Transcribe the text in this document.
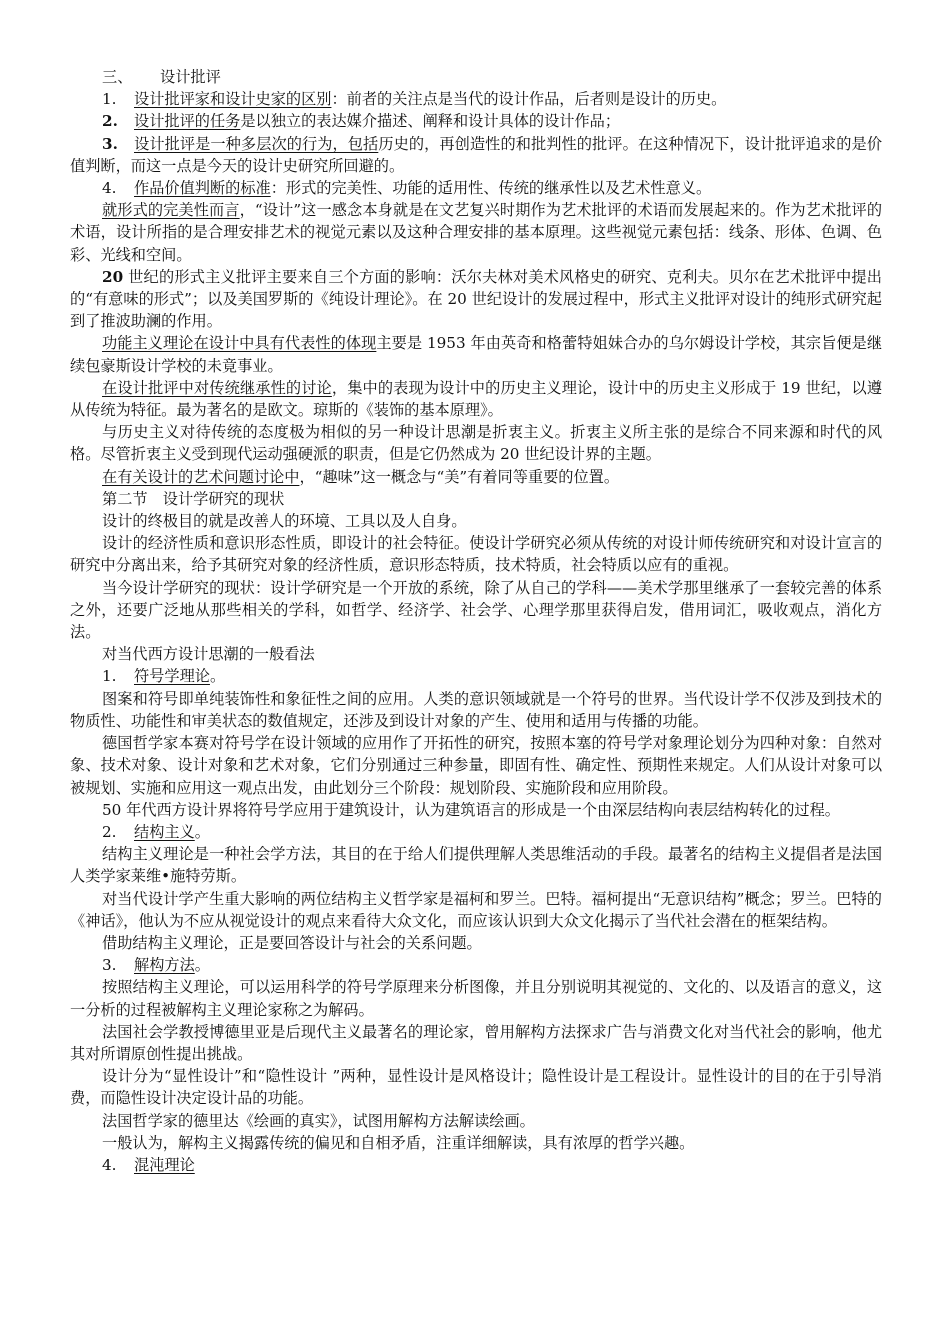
三、 设计批评

1. 设计批评家和设计史家的区别：前者的关注点是当代的设计作品，后者则是设计的历史。

2. 设计批评的任务是以独立的表达媒介描述、阐释和设计具体的设计作品；

3. 设计批评是一种多层次的行为，包括历史的，再创造性的和批判性的批评。在这种情况下，设计批评追求的是价值判断，而这一点是今天的设计史研究所回避的。

4. 作品价值判断的标准：形式的完美性、功能的适用性、传统的继承性以及艺术性意义。

就形式的完美性而言，“设计”这一感念本身就是在文艺复兴时期作为艺术批评的术语而发展起来的。作为艺术批评的术语，设计所指的是合理安排艺术的视觉元素以及这种合理安排的基本原理。这些视觉元素包括：线条、形体、色调、色彩、光线和空间。

20 世纪的形式主义批评主要来自三个方面的影响：沃尔夫林对美术风格史的研究、克利夫。贝尔在艺术批评中提出的“有意味的形式”；以及美国罗斯的《纯设计理论》。在 20 世纪设计的发展过程中，形式主义批评对设计的纯形式研究起到了推波助澜的作用。

功能主义理论在设计中具有代表性的体现主要是 1953 年由英奇和格蕾特姐妹合办的乌尔姆设计学校，其宗旨便是继续包豪斯设计学校的未竟事业。

在设计批评中对传统继承性的讨论，集中的表现为设计中的历史主义理论，设计中的历史主义形成于 19 世纪，以遵从传统为特征。最为著名的是欧文。琼斯的《装饰的基本原理》。

与历史主义对待传统的态度极为相似的另一种设计思潮是折衷主义。折衷主义所主张的是综合不同来源和时代的风格。尽管折衷主义受到现代运动强硬派的职责，但是它仍然成为 20 世纪设计界的主题。

在有关设计的艺术问题讨论中，“趣味”这一概念与“美”有着同等重要的位置。

第二节　设计学研究的现状

设计的终极目的就是改善人的环境、工具以及人自身。

设计的经济性质和意识形态性质，即设计的社会特征。使设计学研究必须从传统的对设计师传统研究和对设计宣言的研究中分离出来，给予其研究对象的经济性质，意识形态特质，技术特质，社会特质以应有的重视。

当今设计学研究的现状：设计学研究是一个开放的系统，除了从自己的学科——美术学那里继承了一套较完善的体系之外，还要广泛地从那些相关的学科，如哲学、经济学、社会学、心理学那里获得启发，借用词汇，吸收观点，消化方法。

对当代西方设计思潮的一般看法

1. 符号学理论。

图案和符号即单纯装饰性和象征性之间的应用。人类的意识领域就是一个符号的世界。当代设计学不仅涉及到技术的物质性、功能性和审美状态的数值规定，还涉及到设计对象的产生、使用和适用与传播的功能。

德国哲学家本赛对符号学在设计领域的应用作了开拓性的研究，按照本塞的符号学对象理论划分为四种对象：自然对象、技术对象、设计对象和艺术对象，它们分别通过三种参量，即固有性、确定性、预期性来规定。人们从设计对象可以被规划、实施和应用这一观点出发，由此划分三个阶段：规划阶段、实施阶段和应用阶段。

50 年代西方设计界将符号学应用于建筑设计，认为建筑语言的形成是一个由深层结构向表层结构转化的过程。

2. 结构主义。

结构主义理论是一种社会学方法，其目的在于给人们提供理解人类思维活动的手段。最著名的结构主义提倡者是法国人类学家莱维•施特劳斯。

对当代设计学产生重大影响的两位结构主义哲学家是福柯和罗兰。巴特。福柯提出“无意识结构”概念；罗兰。巴特的《神话》，他认为不应从视觉设计的观点来看待大众文化，而应该认识到大众文化揭示了当代社会潜在的框架结构。

借助结构主义理论，正是要回答设计与社会的关系问题。

3. 解构方法。

按照结构主义理论，可以运用科学的符号学原理来分析图像，并且分别说明其视觉的、文化的、以及语言的意义，这一分析的过程被解构主义理论家称之为解码。

法国社会学教授博德里亚是后现代主义最著名的理论家，曾用解构方法探求广告与消费文化对当代社会的影响，他尤其对所谓原创性提出挑战。

设计分为“显性设计”和“隐性设计 ”两种，显性设计是风格设计；隐性设计是工程设计。显性设计的目的在于引导消费，而隐性设计决定设计品的功能。

法国哲学家的德里达《绘画的真实》，试图用解构方法解读绘画。

一般认为，解构主义揭露传统的偏见和自相矛盾，注重详细解读，具有浓厚的哲学兴趣。

4. 混沌理论
